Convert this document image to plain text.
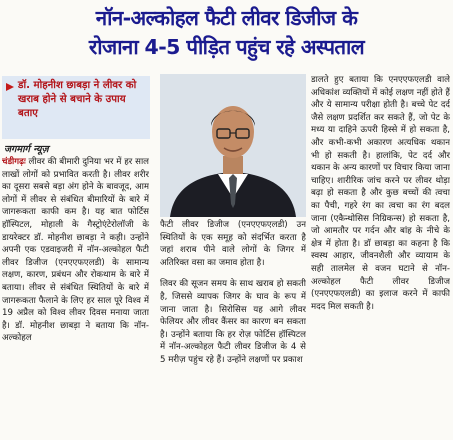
नॉन-अल्कोहल फैटी लीवर डिजीज के
रोजाना 4-5 पीड़ित पहुंच रहे अस्पताल
डॉ. मोहनीश छाबड़ा ने लीवर को खराब होने से बचाने के उपाय बताए
जगमार्ग न्यूज़

चंडीगढ़ः लीवर की बीमारी दुनिया भर में हर साल लाखों लोगों को प्रभावित करती है। लीवर शरीर का दूसरा सबसे बड़ा अंग होने के बावजूद, आम लोगों में लीवर से संबंधित बीमारियों के बारे में जागरूकता काफी कम है। यह बात फोर्टिस हॉस्पिटल, मोहाली के गैस्ट्रोएंटेरोलॉजी के डायरेक्टर डॉ. मोहनीश छाबड़ा ने कही। उन्होंने अपनी एक एडवाइजरी में नॉन-अल्कोहल फैटी लीवर डिजीज (एनएएफएलडी) के सामान्य लक्षण, कारण, प्रबंधन और रोकथाम के बारे में बताया। लीवर से संबंधित स्थितियों के बारे में जागरूकता फैलाने के लिए हर साल पूरे विश्व में 19 अप्रैल को विश्व लीवर दिवस मनाया जाता है। डॉ. मोहनीश छाबड़ा ने बताया कि नॉन-अल्कोहल

फैटी लीवर डिजीज (एनएएफएलडी) उन स्थितियों के एक समूह को संदर्भित करता है जहां शराब पीने वाले लोगों के जिगर में अतिरिक्त वसा का जमाव होता है।

लिवर की सूजन समय के साथ खराब हो सकती है, जिससे व्यापक जिगर के घाव के रूप में जाना जाता है। सिरोसिस यह आगे लीवर फेलियर और लीवर कैंसर का कारण बन सकता है। उन्होंने बताया कि हर रोज़ फोर्टिस हॉस्पिटल में नॉन-अल्कोहल फैटी लीवर डिजीज के 4 से 5 मरीज़ पहुंच रहे हैं। उन्होंने लक्षणों पर प्रकाश

डालते हुए बताया कि एनएएफएलडी वाले अधिकांश व्यक्तियों में कोई लक्षण नहीं होते हैं और ये सामान्य परीक्षा होती है। बच्चे पेट दर्द जैसे लक्षण प्रदर्शित कर सकते हैं, जो पेट के मध्य या दाहिने ऊपरी हिस्से में हो सकता है, और कभी-कभी अकारण अत्यधिक थकान भी हो सकती है। हालांकि, पेट दर्द और थकान के अन्य कारणों पर विचार किया जाना चाहिए। शारीरिक जांच करने पर लीवर थोड़ा बढ़ा हो सकता है और कुछ बच्चों की त्वचा का पैची, गहरे रंग का त्वचा का रंग बदल जाना (एकैन्थोसिस निग्रिकन्स) हो सकता है, जो आमतौर पर गर्दन और बांह के नीचे के क्षेत्र में होता है। डॉ छाबड़ा का कहना है कि स्वस्थ आहार, जीवनशैली और व्यायाम के सही तालमेल से वजन घटाने से नॉन-अल्कोहल फैटी लीवर डिजीज (एनएएफएलडी) का इलाज करने में काफी मदद मिल सकती है।
